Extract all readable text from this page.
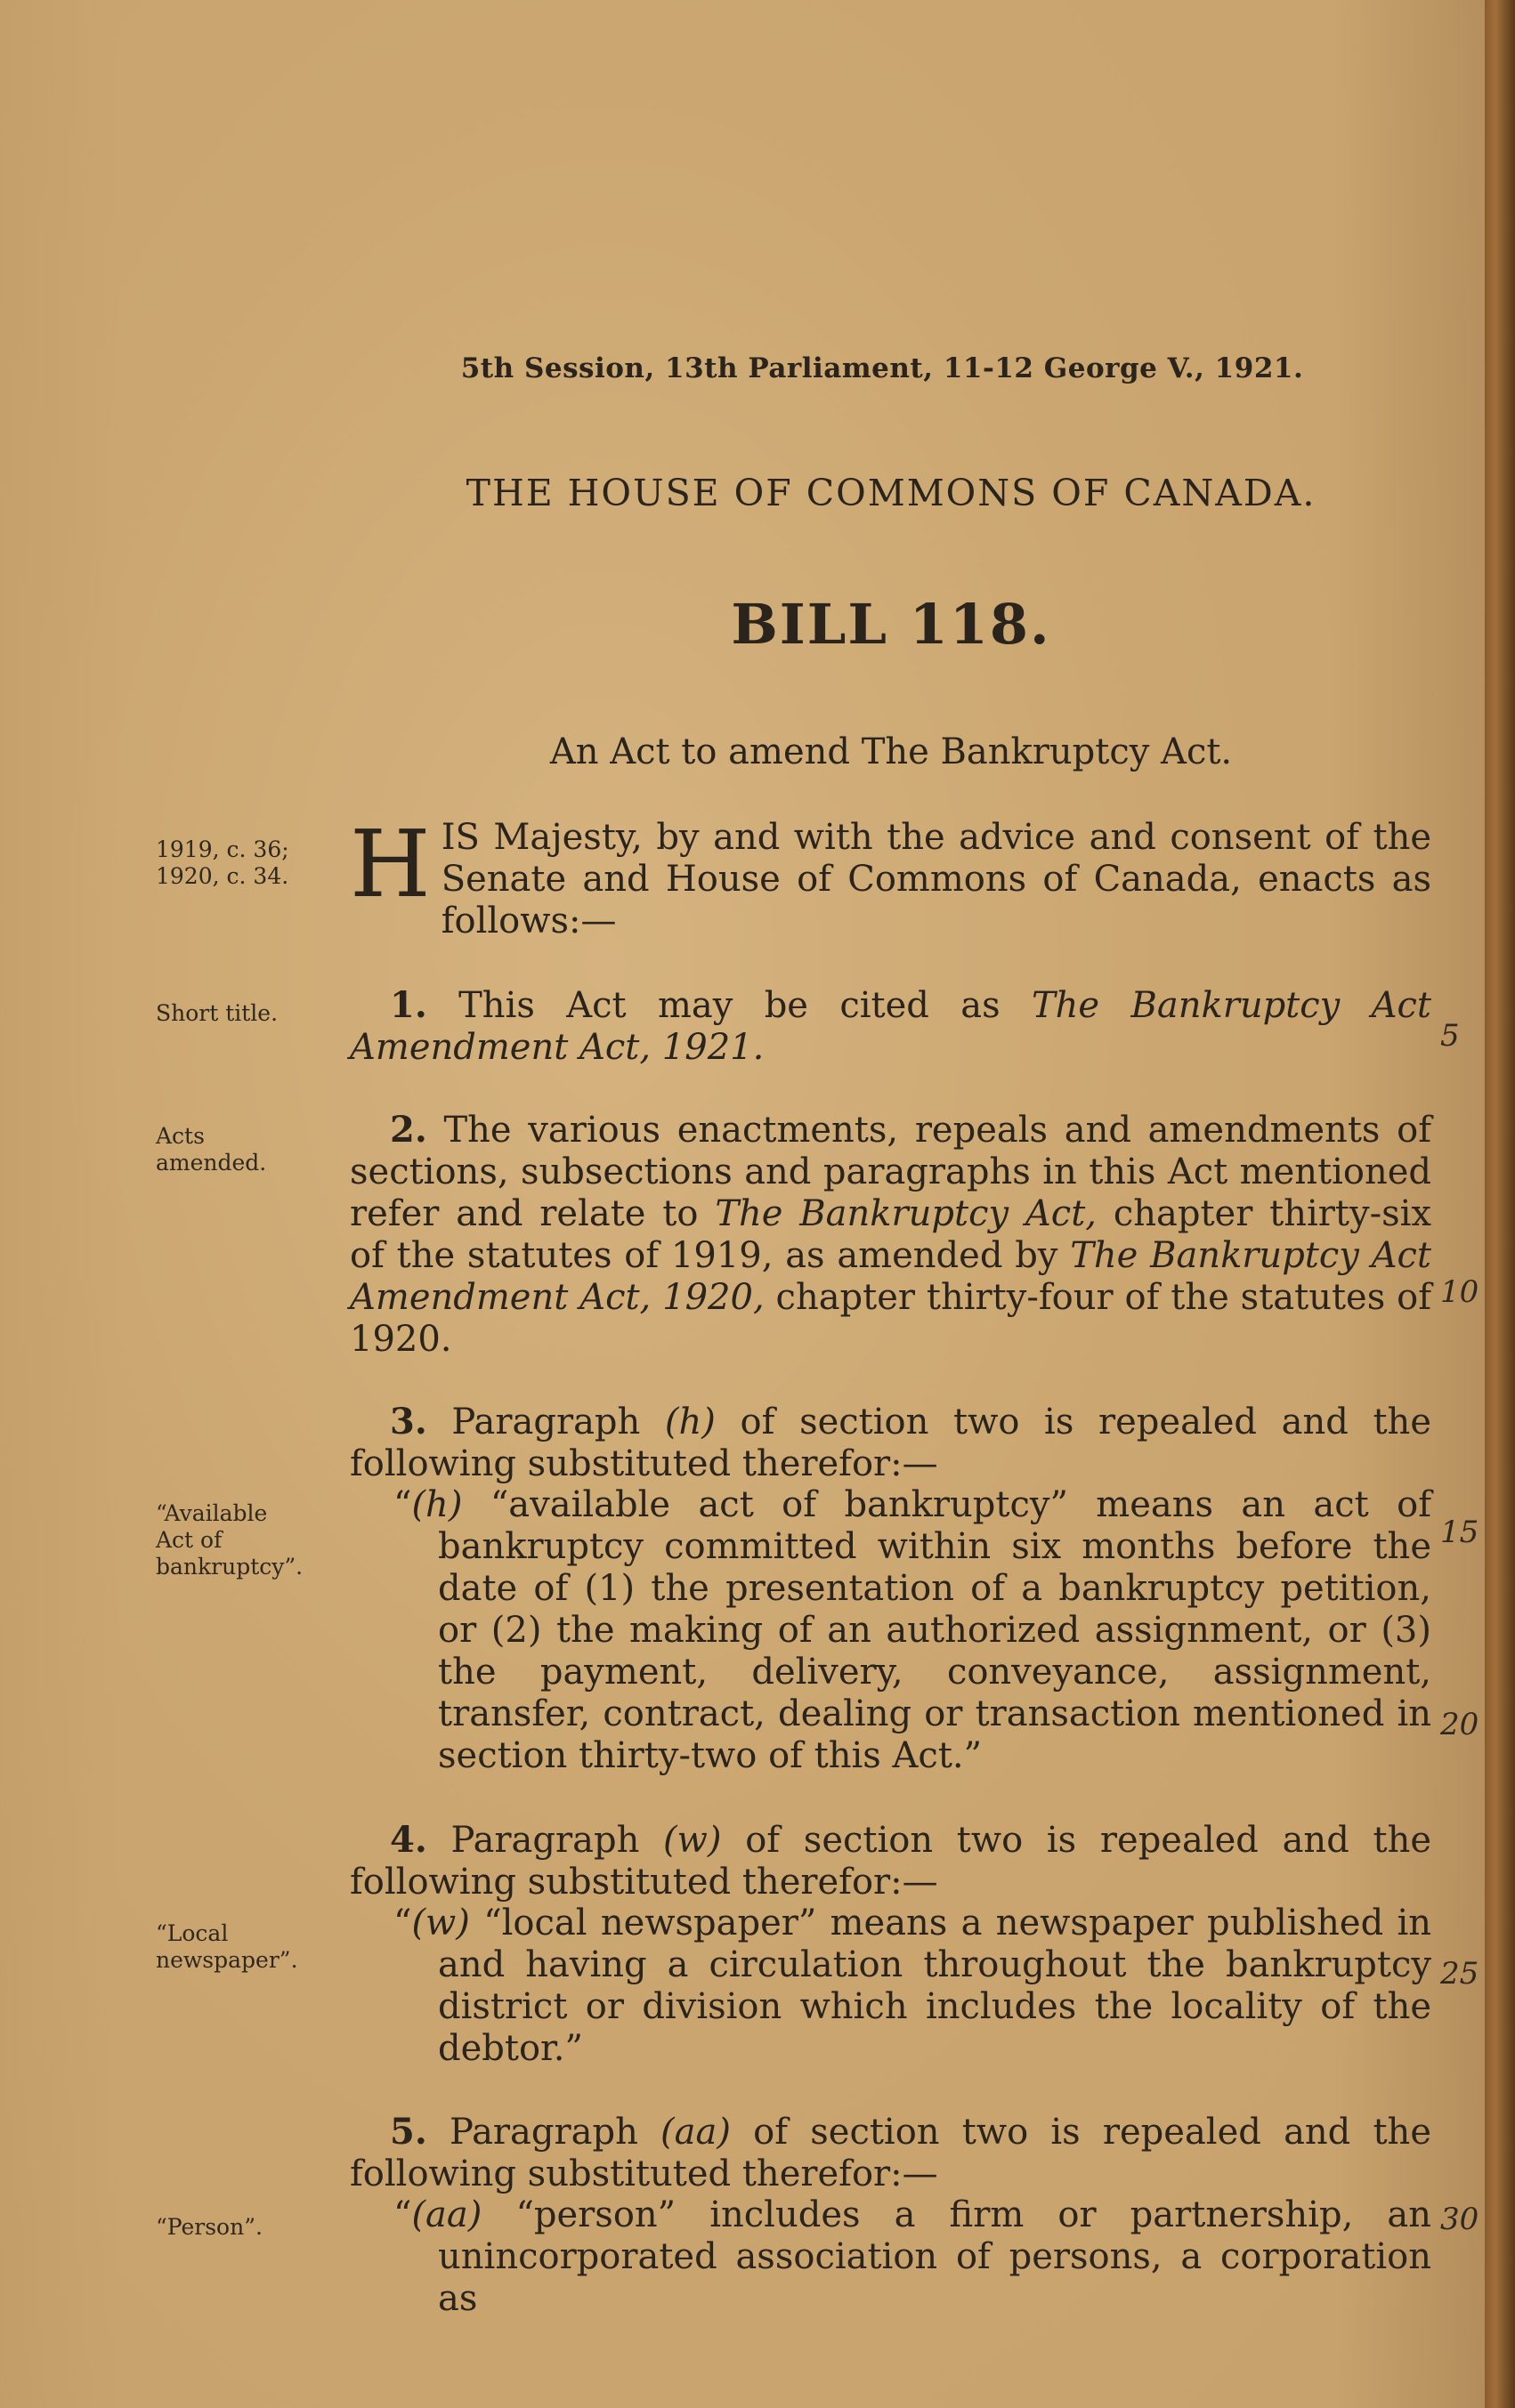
5th Session, 13th Parliament, 11-12 George V., 1921.
THE HOUSE OF COMMONS OF CANADA.
BILL 118.
An Act to amend The Bankruptcy Act.
1919, c. 36;
1920, c. 34.
Short title.
Acts
amended.
“Available
Act of
bankruptcy”.
“Local
newspaper”.
“Person”.
5
10
15
20
25
30
HIS Majesty, by and with the advice and consent of the Senate and House of Commons of Canada, enacts as follows:—
1. This Act may be cited as The Bankruptcy Act Amendment Act, 1921.
2. The various enactments, repeals and amendments of sections, subsections and paragraphs in this Act mentioned refer and relate to The Bankruptcy Act, chapter thirty-six of the statutes of 1919, as amended by The Bankruptcy Act Amendment Act, 1920, chapter thirty-four of the statutes of 1920.
3. Paragraph (h) of section two is repealed and the following substituted therefor:—
“(h) “available act of bankruptcy” means an act of bankruptcy committed within six months before the date of (1) the presentation of a bankruptcy petition, or (2) the making of an authorized assignment, or (3) the payment, delivery, conveyance, assignment, transfer, contract, dealing or transaction mentioned in section thirty-two of this Act.”
4. Paragraph (w) of section two is repealed and the following substituted therefor:—
“(w) “local newspaper” means a newspaper published in and having a circulation throughout the bankruptcy district or division which includes the locality of the debtor.”
5. Paragraph (aa) of section two is repealed and the following substituted therefor:—
“(aa) “person” includes a firm or partnership, an unincorporated association of persons, a corporation as
